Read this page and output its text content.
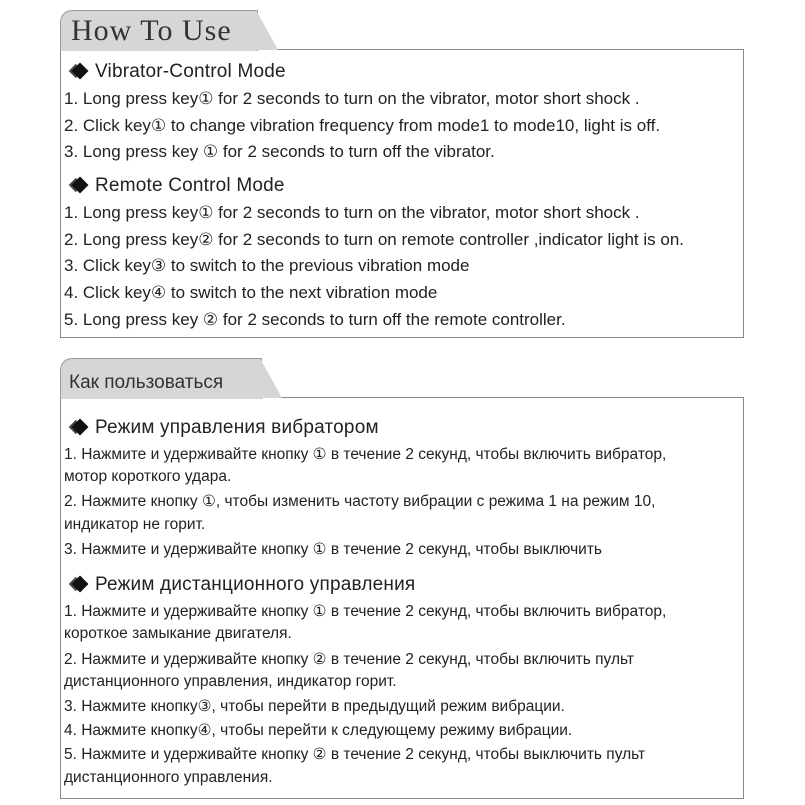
How To Use
Vibrator-Control Mode
1. Long press key① for 2 seconds to turn on the vibrator, motor short shock .
2. Click key① to change vibration frequency from mode1 to mode10, light is off.
3. Long press key ① for 2 seconds to turn off the vibrator.
Remote Control Mode
1. Long press key① for 2 seconds to turn on the vibrator, motor short shock .
2. Long press key② for 2 seconds to turn on remote controller ,indicator light is on.
3. Click key③ to switch to the previous vibration mode
4. Click key④ to switch to the next vibration mode
5. Long press key ② for 2 seconds to turn off the remote controller.
Как пользоваться
Режим управления вибратором
1. Нажмите и удерживайте кнопку ① в течение 2 секунд, чтобы включить вибратор,
мотор короткого удара.
2. Нажмите кнопку ①, чтобы изменить частоту вибрации с режима 1 на режим 10,
индикатор не горит.
3. Нажмите и удерживайте кнопку ① в течение 2 секунд, чтобы выключить
Режим дистанционного управления
1. Нажмите и удерживайте кнопку ① в течение 2 секунд, чтобы включить вибратор,
короткое замыкание двигателя.
2. Нажмите и удерживайте кнопку ② в течение 2 секунд, чтобы включить пульт
дистанционного управления, индикатор горит.
3. Нажмите кнопку③, чтобы перейти в предыдущий режим вибрации.
4. Нажмите кнопку④, чтобы перейти к следующему режиму вибрации.
5. Нажмите и удерживайте кнопку ② в течение 2 секунд, чтобы выключить пульт
дистанционного управления.
